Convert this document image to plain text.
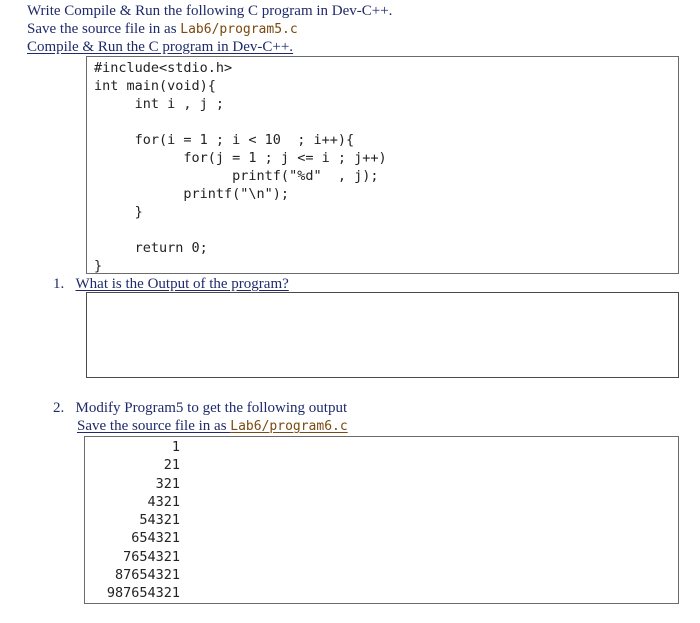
Write Compile & Run the following C program in Dev-C++.
Save the source file in as Lab6/program5.c
Compile & Run the C program in Dev-C++.
#include<stdio.h>
int main(void){
int i , j ;
for(i = 1 ; i < 10  ; i++){
for(j = 1 ; j <= i ; j++)
printf("%d"  , j);
printf("\n");
}
return 0;
}
1. What is the Output of the program?
2. Modify Program5 to get the following output
Save the source file in as Lab6/program6.c
1
21
321
4321
54321
654321
7654321
87654321
987654321
